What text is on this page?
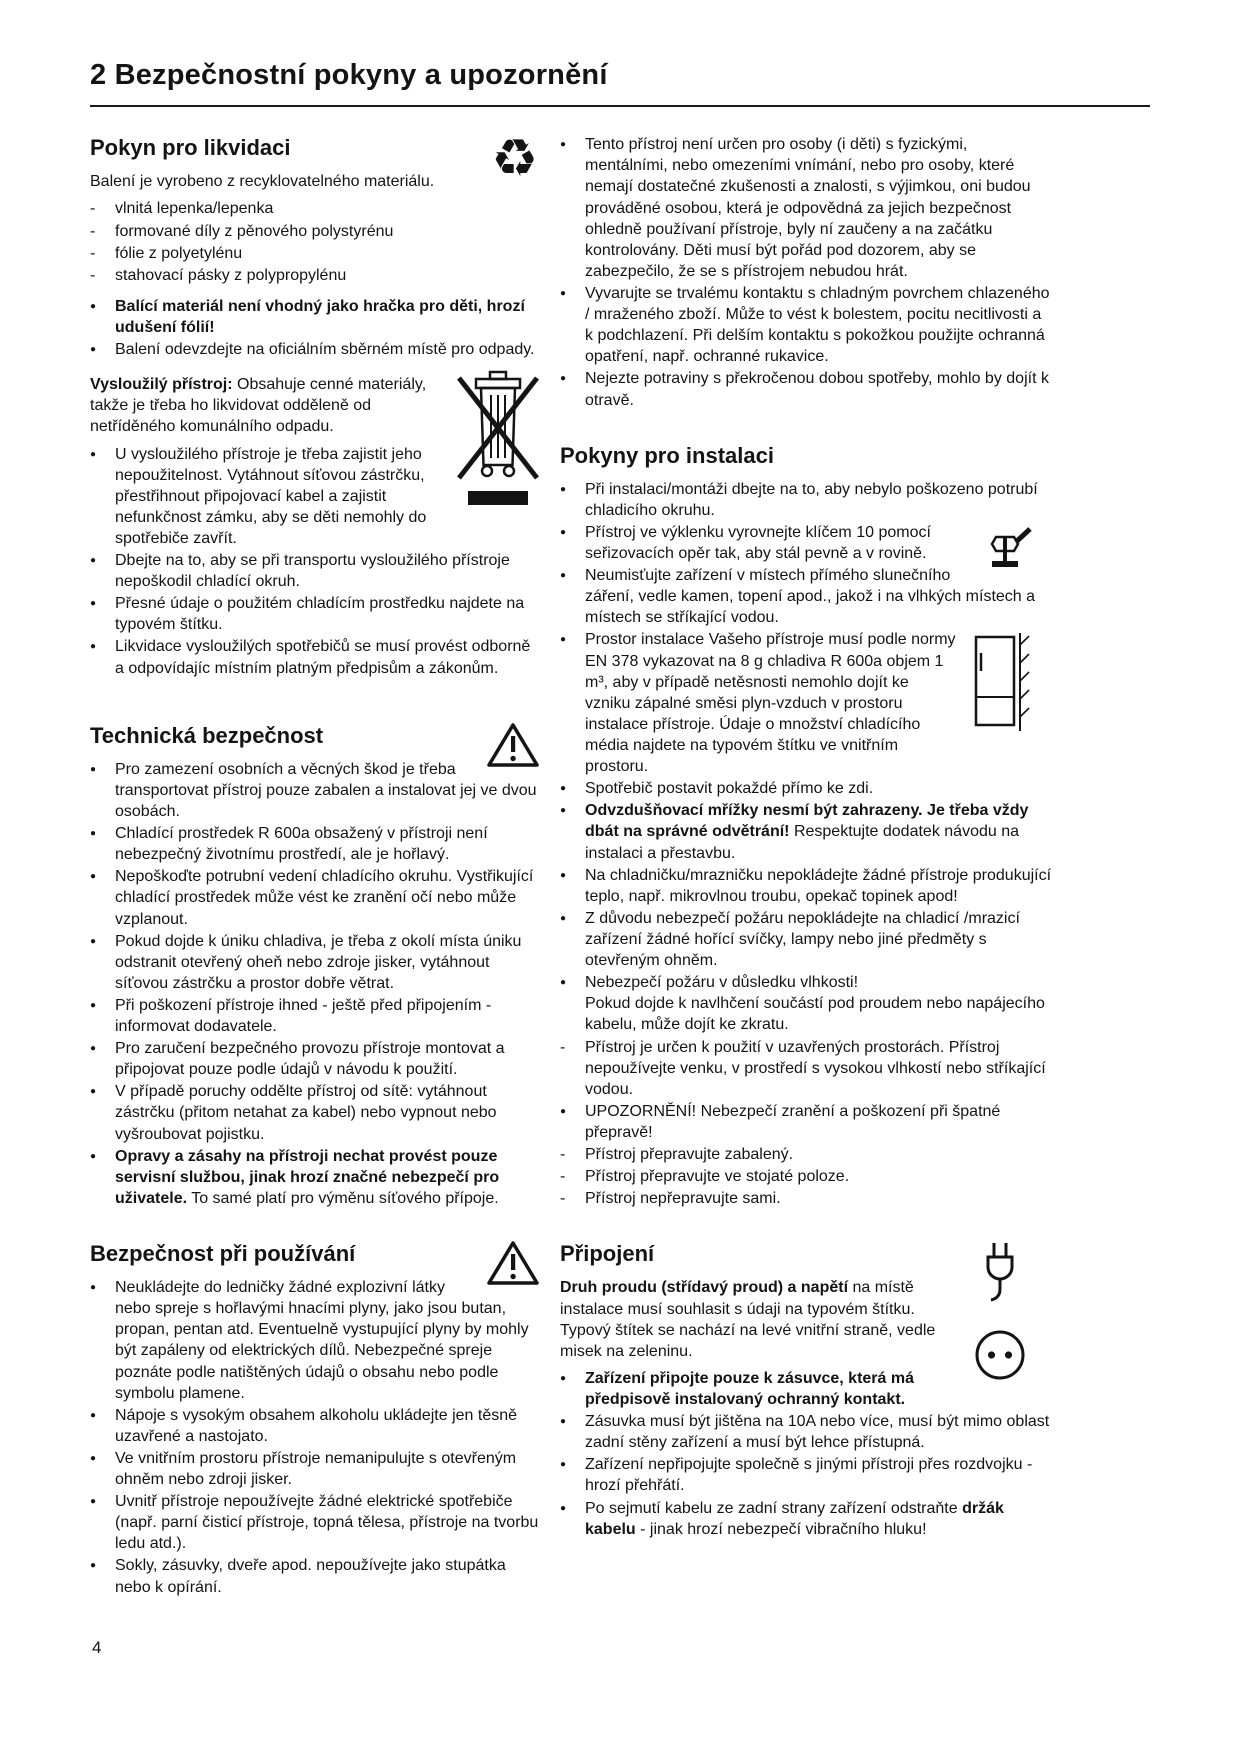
2 Bezpečnostní pokyny a upozornění
♻
Pokyn pro likvidaci

Balení je vyrobeno z recyklovatelného materiálu.

- vlnitá lepenka/lepenka
- formované díly z pěnového polystyrénu
- fólie z polyetylénu
- stahovací pásky z polypropylénu
● Balící materiál není vhodný jako hračka pro děti, hrozí udušení fólií!
● Balení odevzdejte na oficiálním sběrném místě pro odpady.

Vysloužilý přístroj: Obsahuje cenné materiály, takže je třeba ho likvidovat odděleně od netříděného komunálního odpadu.

● U vysloužilého přístroje je třeba zajistit jeho nepoužitelnost. Vytáhnout síťovou zástrčku, přestřihnout připojovací kabel a zajistit nefunkčnost zámku, aby se děti nemohly do spotřebiče zavřít.
● Dbejte na to, aby se při transportu vysloužilého přístroje nepoškodil chladící okruh.
● Přesné údaje o použitém chladícím prostředku najdete na typovém štítku.
● Likvidace vysloužilých spotřebičů se musí provést odborně a odpovídajíc místním platným předpisům a zákonům.
Technická bezpečnost
● Pro zamezení osobních a věcných škod je třeba transportovat přístroj pouze zabalen a instalovat jej ve dvou osobách.
● Chladící prostředek R 600a obsažený v přístroji není nebezpečný životnímu prostředí, ale je hořlavý.
● Nepoškoďte potrubní vedení chladícího okruhu. Vystřikující chladící prostředek může vést ke zranění očí nebo může vzplanout.
● Pokud dojde k úniku chladiva, je třeba z okolí místa úniku odstranit otevřený oheň nebo zdroje jisker, vytáhnout síťovou zástrčku a prostor dobře větrat.
● Při poškození přístroje ihned - ještě před připojením - informovat dodavatele.
● Pro zaručení bezpečného provozu přístroje montovat a připojovat pouze podle údajů v návodu k použití.
● V případě poruchy oddělte přístroj od sítě: vytáhnout zástrčku (přitom netahat za kabel) nebo vypnout nebo vyšroubovat pojistku.
● Opravy a zásahy na přístroji nechat provést pouze servisní službou, jinak hrozí značné nebezpečí pro uživatele. To samé platí pro výměnu síťového přípoje.
Bezpečnost při používání
● Neukládejte do ledničky žádné explozivní látky nebo spreje s hořlavými hnacími plyny, jako jsou butan, propan, pentan atd. Eventuelně vystupující plyny by mohly být zapáleny od elektrických dílů. Nebezpečné spreje poznáte podle natištěných údajů o obsahu nebo podle symbolu plamene.
● Nápoje s vysokým obsahem alkoholu ukládejte jen těsně uzavřené a nastojato.
● Ve vnitřním prostoru přístroje nemanipulujte s otevřeným ohněm nebo zdroji jisker.
● Uvnitř přístroje nepoužívejte žádné elektrické spotřebiče (např. parní čisticí přístroje, topná tělesa, přístroje na tvorbu ledu atd.).
● Sokly, zásuvky, dveře apod. nepoužívejte jako stupátka nebo k opírání.
● Tento přístroj není určen pro osoby (i děti) s fyzickými, mentálními, nebo omezeními vnímání, nebo pro osoby, které nemají dostatečné zkušenosti a znalosti, s výjimkou, oni budou prováděné osobou, která je odpovědná za jejich bezpečnost ohledně používaní přístroje, byly ní zaučeny a na začátku kontrolovány. Děti musí být pořád pod dozorem, aby se zabezpečilo, že se s přístrojem nebudou hrát.
● Vyvarujte se trvalému kontaktu s chladným povrchem chlazeného / mraženého zboží. Může to vést k bolestem, pocitu necitlivosti a k podchlazení. Při delším kontaktu s pokožkou použijte ochranná opatření, např. ochranné rukavice.
● Nejezte potraviny s překročenou dobou spotřeby, mohlo by dojít k otravě.
Pokyny pro instalaci
● Při instalaci/montáži dbejte na to, aby nebylo poškozeno potrubí chladicího okruhu.
● Přístroj ve výklenku vyrovnejte klíčem 10 pomocí seřizovacích opěr tak, aby stál pevně a v rovině.
● Neumisťujte zařízení v místech přímého slunečního záření, vedle kamen, topení apod., jakož i na vlhkých místech a místech se stříkající vodou.
● Prostor instalace Vašeho přístroje musí podle normy EN 378 vykazovat na 8 g chladiva R 600a objem 1 m³, aby v případě netěsnosti nemohlo dojít ke vzniku zápalné směsi plyn-vzduch v prostoru instalace přístroje. Údaje o množství chladícího média najdete na typovém štítku ve vnitřním prostoru.
● Spotřebič postavit pokaždé přímo ke zdi.
● Odvzdušňovací mřížky nesmí být zahrazeny. Je třeba vždy dbát na správné odvětrání! Respektujte dodatek návodu na instalaci a přestavbu.
● Na chladničku/mrazničku nepokládejte žádné přístroje produkující teplo, např. mikrovlnou troubu, opekač topinek apod!
● Z důvodu nebezpečí požáru nepokládejte na chladicí /mrazicí zařízení žádné hořící svíčky, lampy nebo jiné předměty s otevřeným ohněm.
● Nebezpečí požáru v důsledku vlhkosti!
Pokud dojde k navlhčení součástí pod proudem nebo napájecího kabelu, může dojít ke zkratu.
- Přístroj je určen k použití v uzavřených prostorách. Přístroj nepoužívejte venku, v prostředí s vysokou vlhkostí nebo stříkající vodou.
● UPOZORNĚNÍ! Nebezpečí zranění a poškození při špatné přepravě!
- Přístroj přepravujte zabalený.
- Přístroj přepravujte ve stojaté poloze.
- Přístroj nepřepravujte sami.
Připojení

Druh proudu (střídavý proud) a napětí na místě instalace musí souhlasit s údaji na typovém štítku. Typový štítek se nachází na levé vnitřní straně, vedle misek na zeleninu.

● Zařízení připojte pouze k zásuvce, která má předpisově instalovaný ochranný kontakt.
● Zásuvka musí být jištěna na 10A nebo více, musí být mimo oblast zadní stěny zařízení a musí být lehce přístupná.
● Zařízení nepřipojujte společně s jinými přístroji přes rozdvojku - hrozí přehřátí.
● Po sejmutí kabelu ze zadní strany zařízení odstraňte držák kabelu - jinak hrozí nebezpečí vibračního hluku!
4
